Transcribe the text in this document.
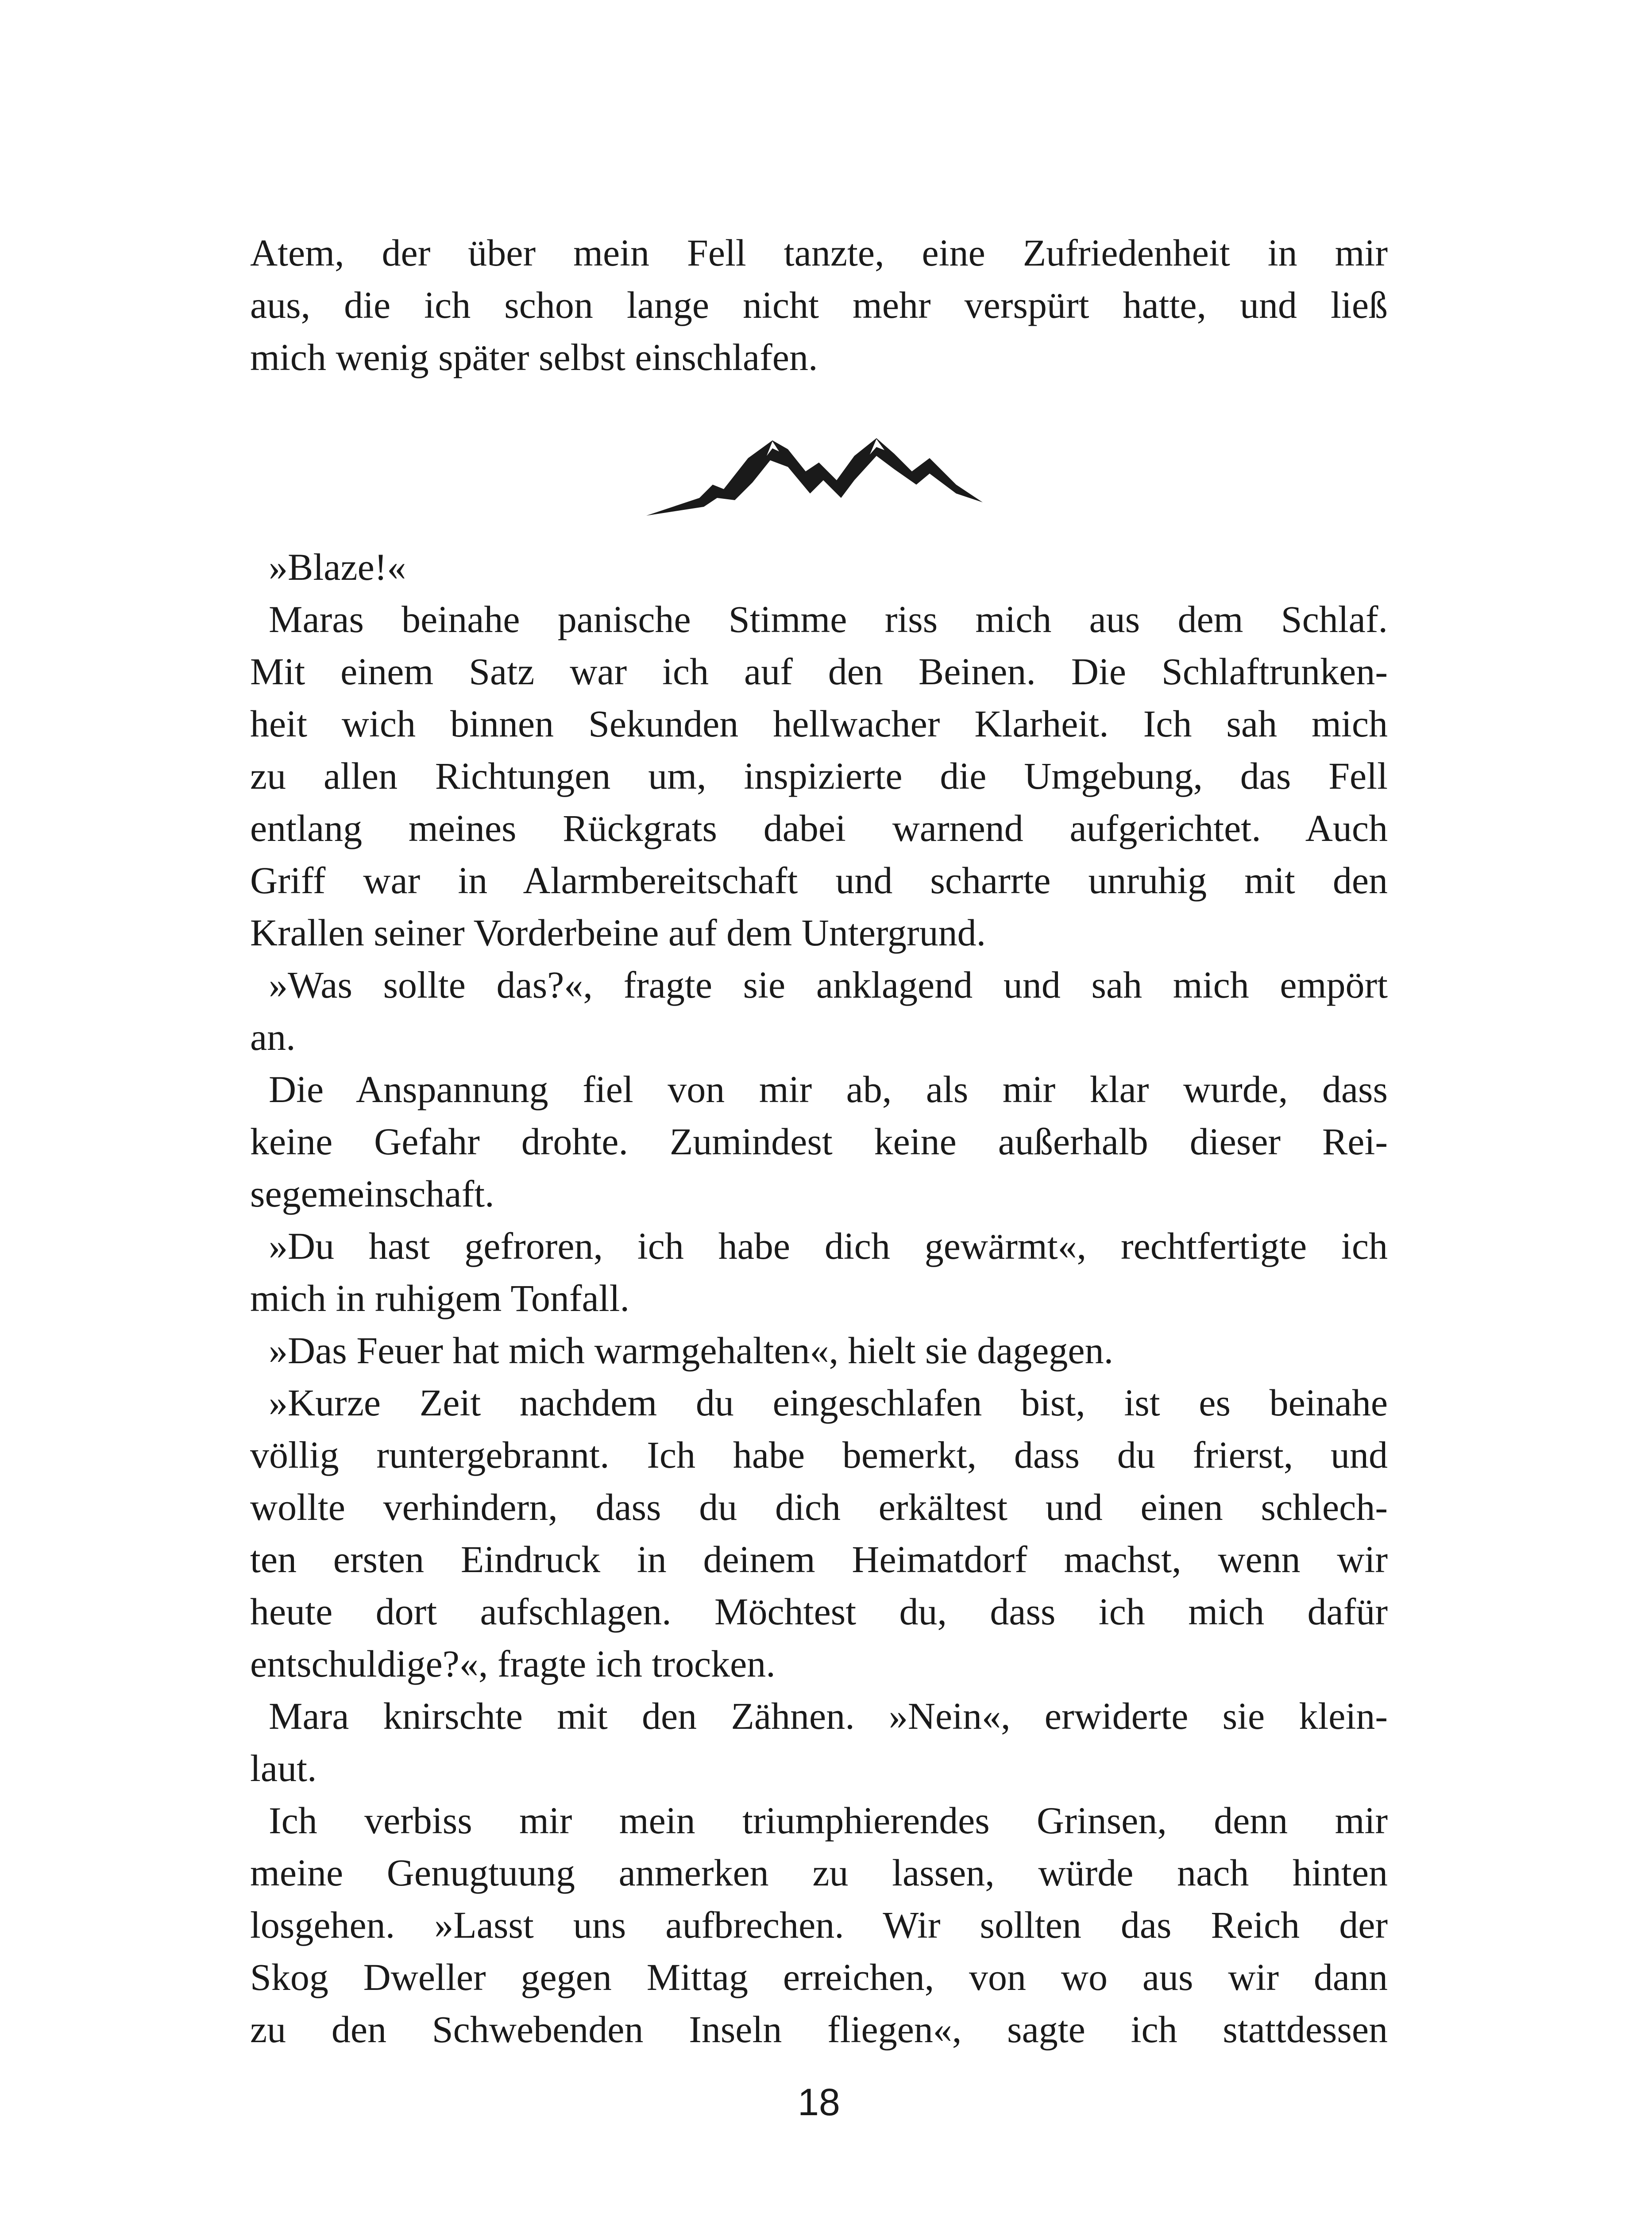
Atem, der über mein Fell tanzte, eine Zufriedenheit in mir
aus, die ich schon lange nicht mehr verspürt hatte, und ließ
mich wenig später selbst einschlafen.
»Blaze!«
Maras beinahe panische Stimme riss mich aus dem Schlaf.
Mit einem Satz war ich auf den Beinen. Die Schlaftrunken-
heit wich binnen Sekunden hellwacher Klarheit. Ich sah mich
zu allen Richtungen um, inspizierte die Umgebung, das Fell
entlang meines Rückgrats dabei warnend aufgerichtet. Auch
Griff war in Alarmbereitschaft und scharrte unruhig mit den
Krallen seiner Vorderbeine auf dem Untergrund.
»Was sollte das?«, fragte sie anklagend und sah mich empört
an.
Die Anspannung fiel von mir ab, als mir klar wurde, dass
keine Gefahr drohte. Zumindest keine außerhalb dieser Rei-
segemeinschaft.
»Du hast gefroren, ich habe dich gewärmt«, rechtfertigte ich
mich in ruhigem Tonfall.
»Das Feuer hat mich warmgehalten«, hielt sie dagegen.
»Kurze Zeit nachdem du eingeschlafen bist, ist es beinahe
völlig runtergebrannt. Ich habe bemerkt, dass du frierst, und
wollte verhindern, dass du dich erkältest und einen schlech-
ten ersten Eindruck in deinem Heimatdorf machst, wenn wir
heute dort aufschlagen. Möchtest du, dass ich mich dafür
entschuldige?«, fragte ich trocken.
Mara knirschte mit den Zähnen. »Nein«, erwiderte sie klein-
laut.
Ich verbiss mir mein triumphierendes Grinsen, denn mir
meine Genugtuung anmerken zu lassen, würde nach hinten
losgehen. »Lasst uns aufbrechen. Wir sollten das Reich der
Skog Dweller gegen Mittag erreichen, von wo aus wir dann
zu den Schwebenden Inseln fliegen«, sagte ich stattdessen
18
